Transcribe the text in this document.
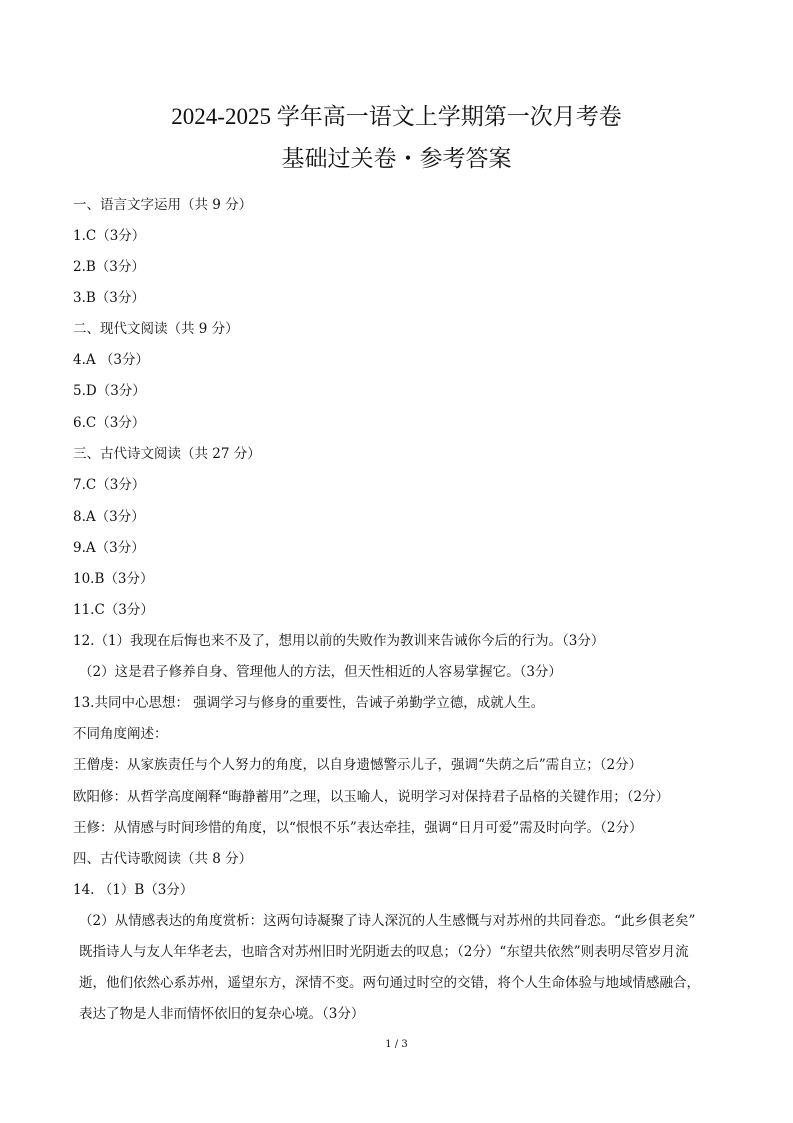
2024-2025 学年高一语文上学期第一次月考卷
基础过关卷・参考答案
一、语言文字运用（共 9 分）
1.C（3分）
2.B（3分）
3.B（3分）
二、现代文阅读（共 9 分）
4.A （3分）
5.D（3分）
6.C（3分）
三、古代诗文阅读（共 27 分）
7.C（3分）
8.A（3分）
9.A（3分）
10.B（3分）
11.C（3分）
12.（1）我现在后悔也来不及了，想用以前的失败作为教训来告诫你今后的行为。（3分）
（2）这是君子修养自身、管理他人的方法，但天性相近的人容易掌握它。（3分）
13.共同中心思想： 强调学习与修身的重要性，告诫子弟勤学立德，成就人生。
不同角度阐述：
王僧虔：从家族责任与个人努力的角度，以自身遗憾警示儿子，强调“失荫之后”需自立；（2分）
欧阳修：从哲学高度阐释“晦静蓄用”之理，以玉喻人，说明学习对保持君子品格的关键作用；（2分）
王修：从情感与时间珍惜的角度，以“恨恨不乐”表达牵挂，强调“日月可爱”需及时向学。（2分）
四、古代诗歌阅读（共 8 分）
14. （1）B（3分）
（2）从情感表达的角度赏析：这两句诗凝聚了诗人深沉的人生感慨与对苏州的共同眷恋。“此乡俱老矣”
既指诗人与友人年华老去，也暗含对苏州旧时光阴逝去的叹息；（2分）“东望共依然”则表明尽管岁月流
逝，他们依然心系苏州，遥望东方，深情不变。两句通过时空的交错，将个人生命体验与地域情感融合，
表达了物是人非而情怀依旧的复杂心境。（3分）
1 / 3
